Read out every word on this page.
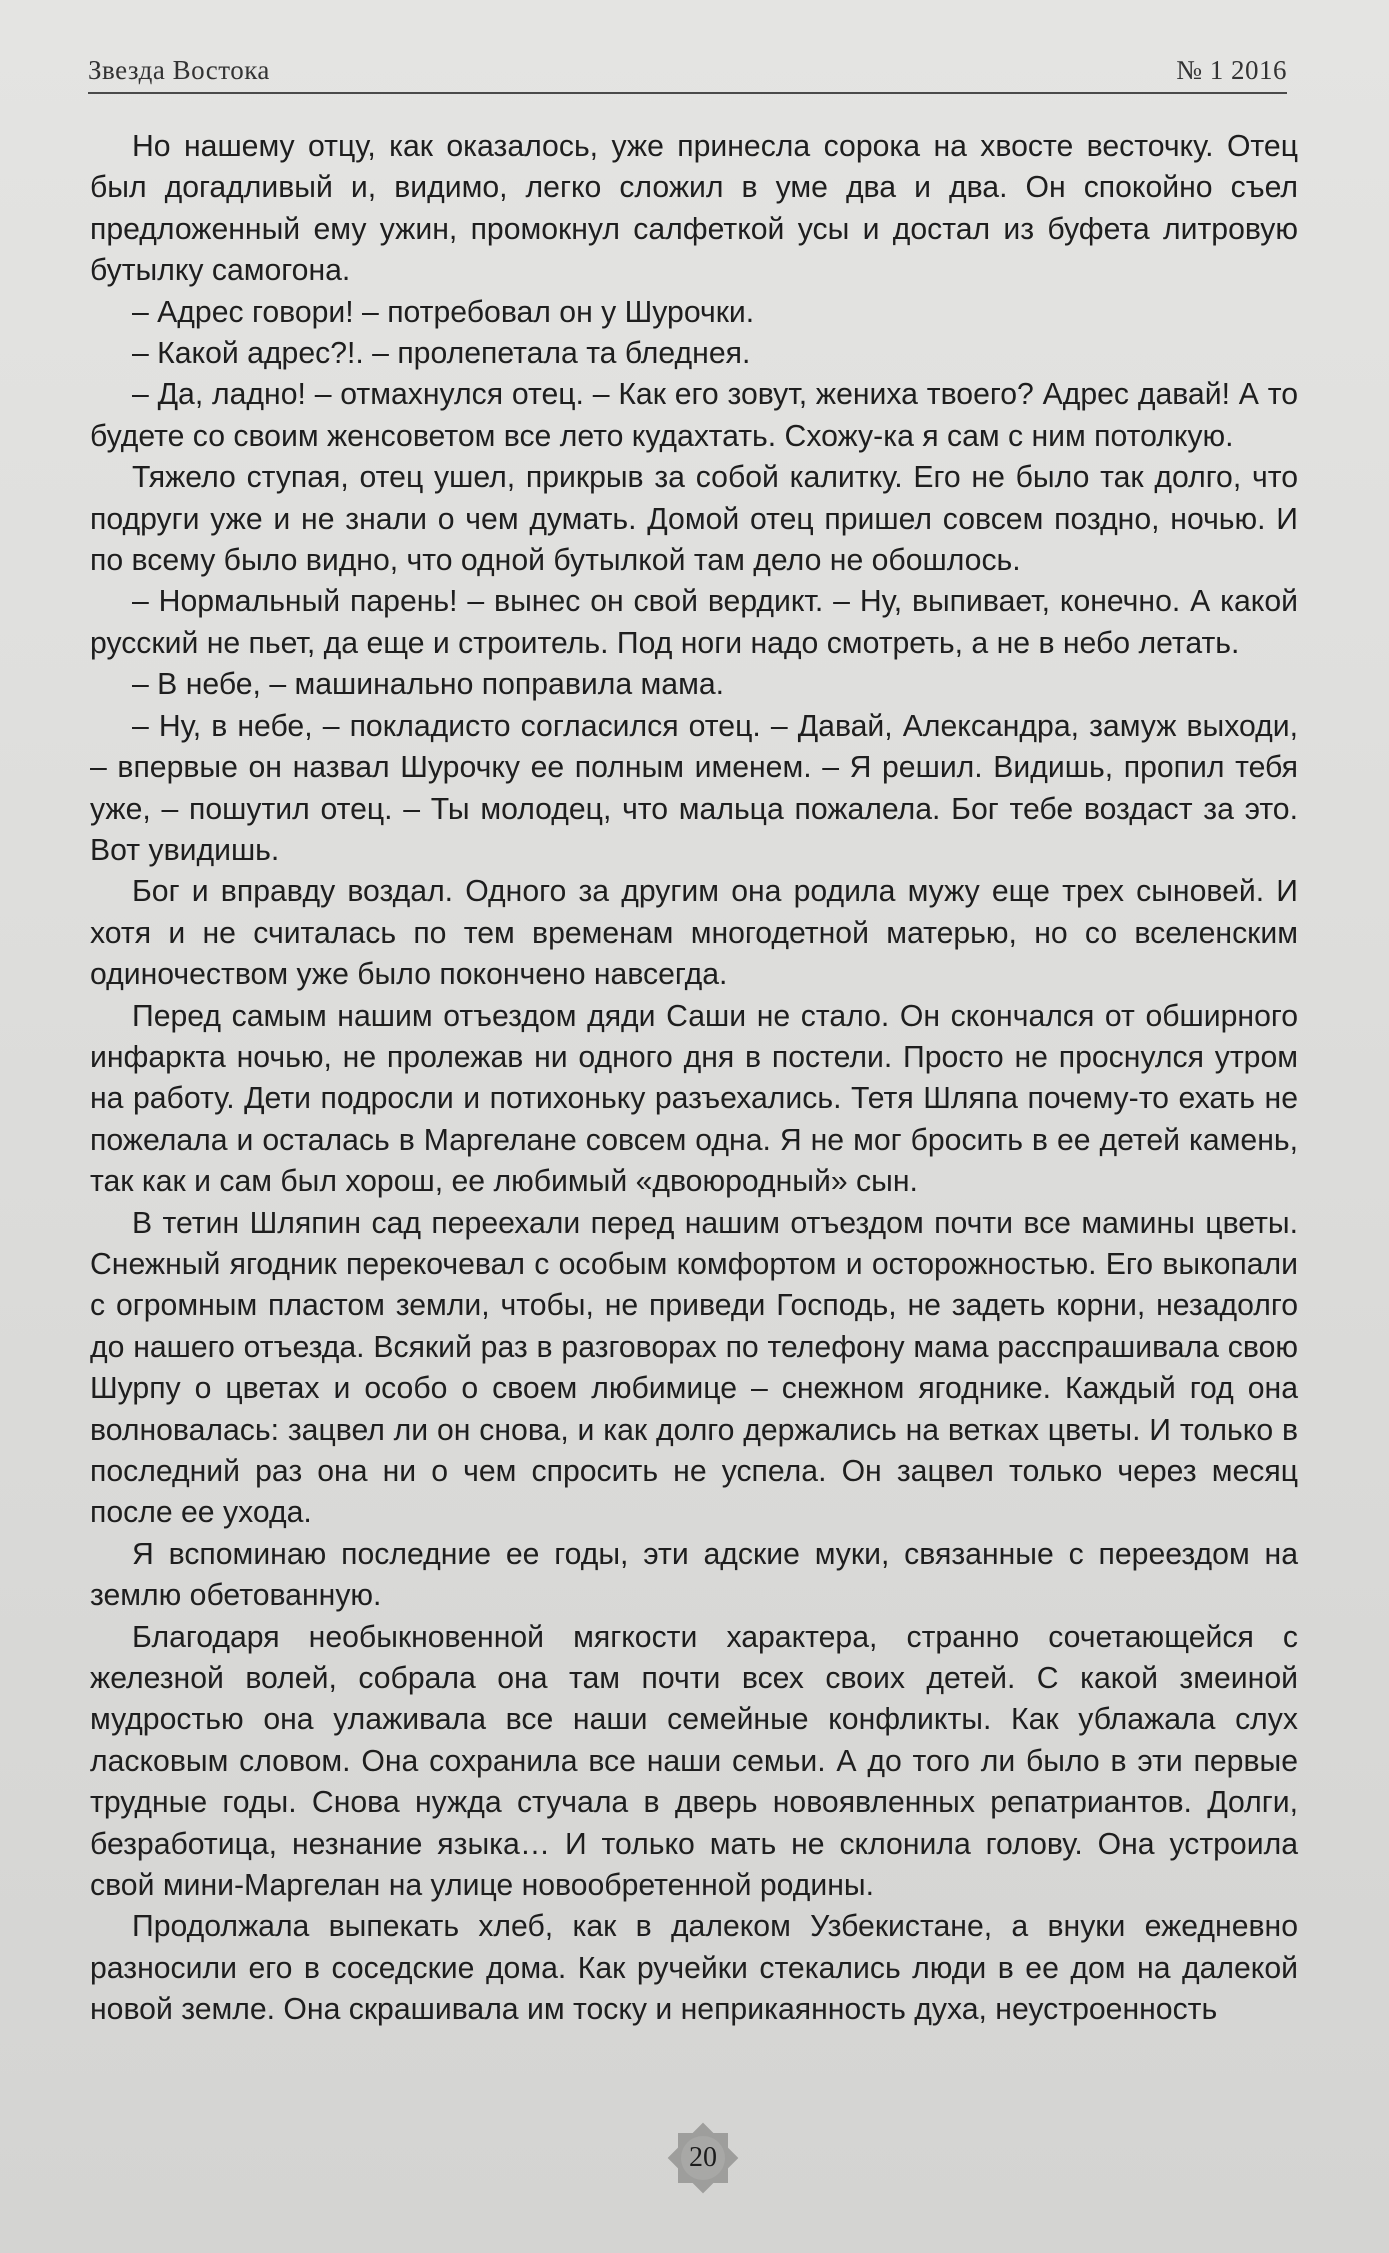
Звезда Востока	№ 1 2016

Но нашему отцу, как оказалось, уже принесла сорока на хвосте весточку. Отец был догадливый и, видимо, легко сложил в уме два и два. Он спокойно съел предложенный ему ужин, промокнул салфеткой усы и достал из буфета литровую бутылку самогона.

– Адрес говори! – потребовал он у Шурочки.

– Какой адрес?!. – пролепетала та бледнея.

– Да, ладно! – отмахнулся отец. – Как его зовут, жениха твоего? Адрес давай! А то будете со своим женсоветом все лето кудахтать. Схожу-ка я сам с ним потолкую.

Тяжело ступая, отец ушел, прикрыв за собой калитку. Его не было так долго, что подруги уже и не знали о чем думать. Домой отец пришел совсем поздно, ночью. И по всему было видно, что одной бутылкой там дело не обошлось.

– Нормальный парень! – вынес он свой вердикт. – Ну, выпивает, конечно. А какой русский не пьет, да еще и строитель. Под ноги надо смотреть, а не в небо летать.

– В небе, – машинально поправила мама.

– Ну, в небе, – покладисто согласился отец. – Давай, Александра, замуж выходи, – впервые он назвал Шурочку ее полным именем. – Я решил. Видишь, пропил тебя уже, – пошутил отец. – Ты молодец, что мальца пожалела. Бог тебе воздаст за это. Вот увидишь.

Бог и вправду воздал. Одного за другим она родила мужу еще трех сыновей. И хотя и не считалась по тем временам многодетной матерью, но со вселенским одиночеством уже было покончено навсегда.

Перед самым нашим отъездом дяди Саши не стало. Он скончался от обширного инфаркта ночью, не пролежав ни одного дня в постели. Просто не проснулся утром на работу. Дети подросли и потихоньку разъехались. Тетя Шляпа почему-то ехать не пожелала и осталась в Маргелане совсем одна. Я не мог бросить в ее детей камень, так как и сам был хорош, ее любимый «двоюродный» сын.

В тетин Шляпин сад переехали перед нашим отъездом почти все мамины цветы. Снежный ягодник перекочевал с особым комфортом и осторожностью. Его выкопали с огромным пластом земли, чтобы, не приведи Господь, не задеть корни, незадолго до нашего отъезда. Всякий раз в разговорах по телефону мама расспрашивала свою Шурпу о цветах и особо о своем любимице – снежном ягоднике. Каждый год она волновалась: зацвел ли он снова, и как долго держались на ветках цветы. И только в последний раз она ни о чем спросить не успела. Он зацвел только через месяц после ее ухода.

Я вспоминаю последние ее годы, эти адские муки, связанные с переездом на землю обетованную.

Благодаря необыкновенной мягкости характера, странно сочетающейся с железной волей, собрала она там почти всех своих детей. С какой змеиной мудростью она улаживала все наши семейные конфликты. Как ублажала слух ласковым словом. Она сохранила все наши семьи. А до того ли было в эти первые трудные годы. Снова нужда стучала в дверь новоявленных репатриантов. Долги, безработица, незнание языка… И только мать не склонила голову. Она устроила свой мини-Маргелан на улице новообретенной родины.

Продолжала выпекать хлеб, как в далеком Узбекистане, а внуки ежедневно разносили его в соседские дома. Как ручейки стекались люди в ее дом на далекой новой земле. Она скрашивала им тоску и неприкаянность духа, неустроенность

20
